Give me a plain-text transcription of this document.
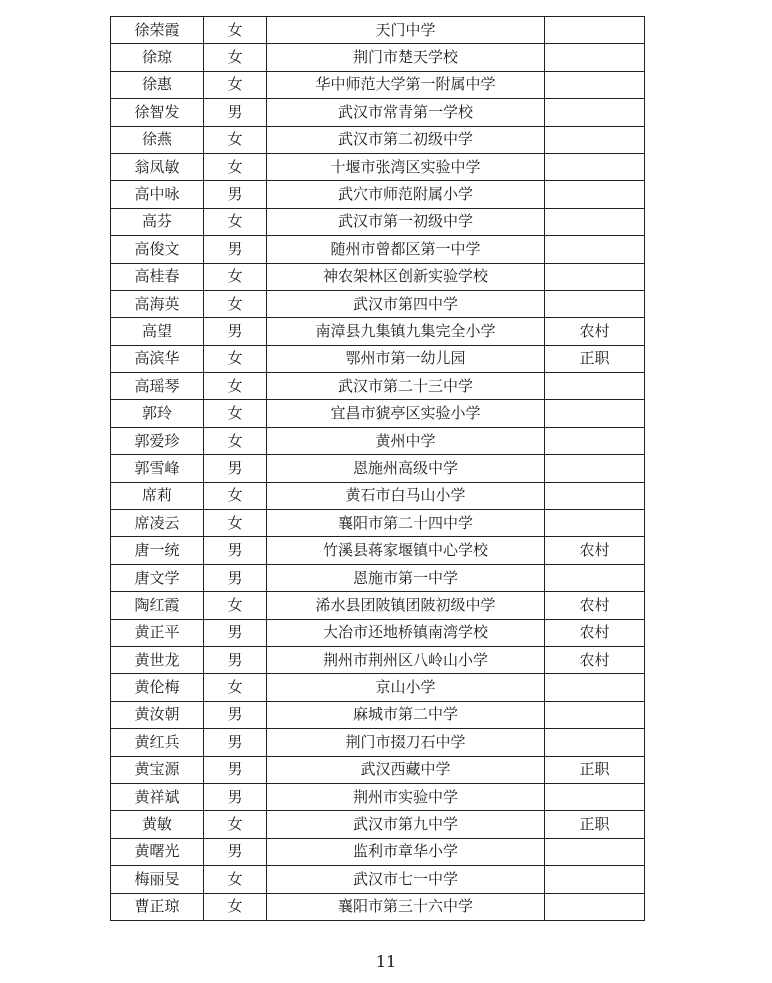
徐荣霞	女	天门中学	
徐琼	女	荆门市楚天学校	
徐惠	女	华中师范大学第一附属中学	
徐智发	男	武汉市常青第一学校	
徐燕	女	武汉市第二初级中学	
翁凤敏	女	十堰市张湾区实验中学	
高中咏	男	武穴市师范附属小学	
高芬	女	武汉市第一初级中学	
高俊文	男	随州市曾都区第一中学	
高桂春	女	神农架林区创新实验学校	
高海英	女	武汉市第四中学	
高望	男	南漳县九集镇九集完全小学	农村
高滨华	女	鄂州市第一幼儿园	正职
高瑶琴	女	武汉市第二十三中学	
郭玲	女	宜昌市猇亭区实验小学	
郭爱珍	女	黄州中学	
郭雪峰	男	恩施州高级中学	
席莉	女	黄石市白马山小学	
席凌云	女	襄阳市第二十四中学	
唐一统	男	竹溪县蒋家堰镇中心学校	农村
唐文学	男	恩施市第一中学	
陶红霞	女	浠水县团陂镇团陂初级中学	农村
黄正平	男	大冶市还地桥镇南湾学校	农村
黄世龙	男	荆州市荆州区八岭山小学	农村
黄伦梅	女	京山小学	
黄汝朝	男	麻城市第二中学	
黄红兵	男	荆门市掇刀石中学	
黄宝源	男	武汉西藏中学	正职
黄祥斌	男	荆州市实验中学	
黄敏	女	武汉市第九中学	正职
黄曙光	男	监利市章华小学	
梅丽旻	女	武汉市七一中学	
曹正琼	女	襄阳市第三十六中学	
11
